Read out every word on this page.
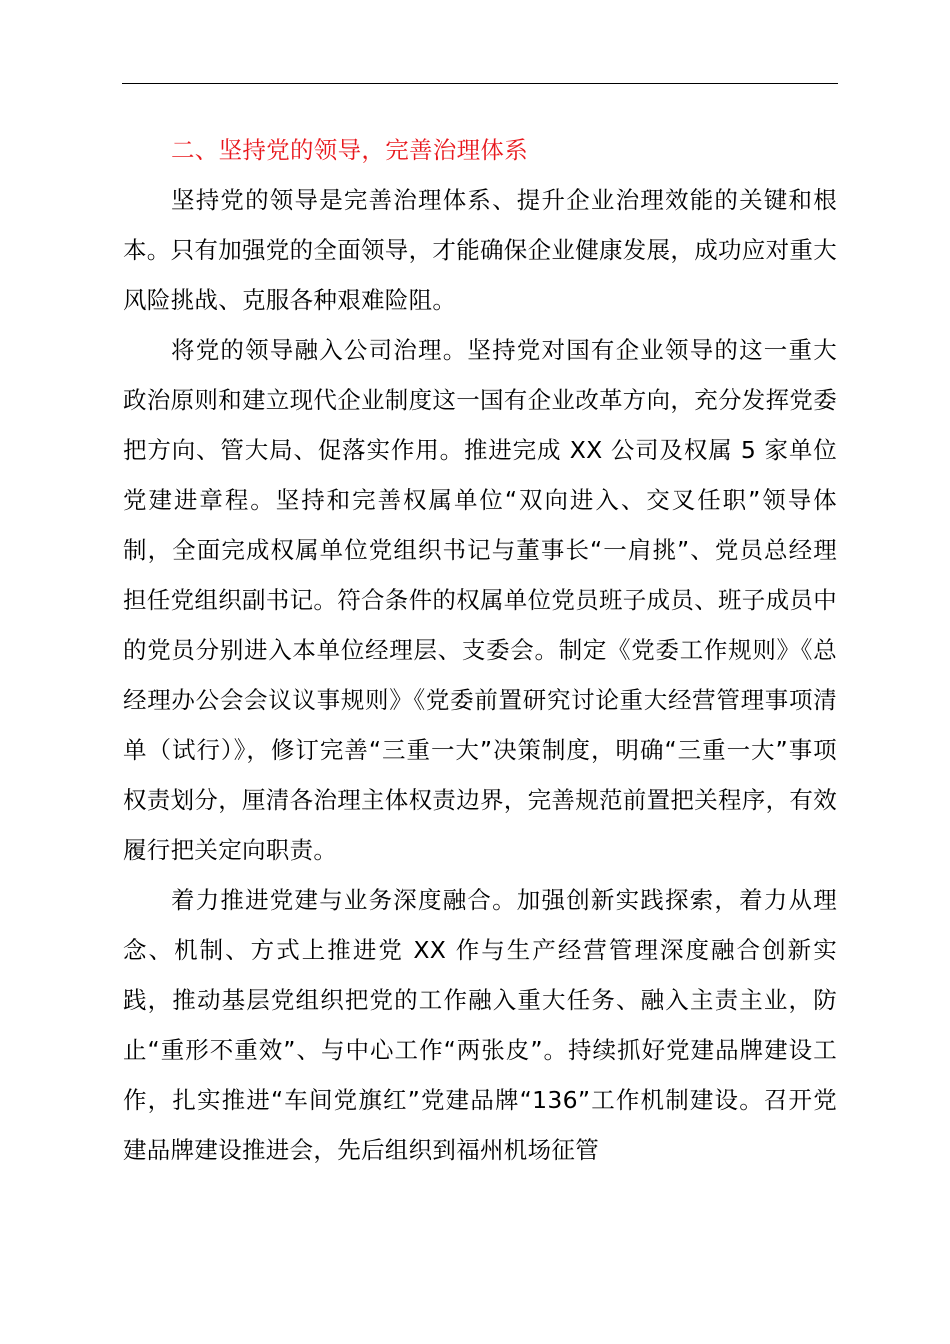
二、坚持党的领导，完善治理体系

坚持党的领导是完善治理体系、提升企业治理效能的关键和根本。只有加强党的全面领导，才能确保企业健康发展，成功应对重大风险挑战、克服各种艰难险阻。

将党的领导融入公司治理。坚持党对国有企业领导的这一重大政治原则和建立现代企业制度这一国有企业改革方向，充分发挥党委把方向、管大局、促落实作用。推进完成 XX 公司及权属 5 家单位党建进章程。坚持和完善权属单位“双向进入、交叉任职”领导体制，全面完成权属单位党组织书记与董事长“一肩挑”、党员总经理担任党组织副书记。符合条件的权属单位党员班子成员、班子成员中的党员分别进入本单位经理层、支委会。制定《党委工作规则》《总经理办公会会议议事规则》《党委前置研究讨论重大经营管理事项清单（试行）》，修订完善“三重一大”决策制度，明确“三重一大”事项权责划分，厘清各治理主体权责边界，完善规范前置把关程序，有效履行把关定向职责。

着力推进党建与业务深度融合。加强创新实践探索，着力从理念、机制、方式上推进党 XX 作与生产经营管理深度融合创新实践，推动基层党组织把党的工作融入重大任务、融入主责主业，防止“重形不重效”、与中心工作“两张皮”。持续抓好党建品牌建设工作，扎实推进“车间党旗红”党建品牌“136”工作机制建设。召开党建品牌建设推进会，先后组织到福州机场征管
